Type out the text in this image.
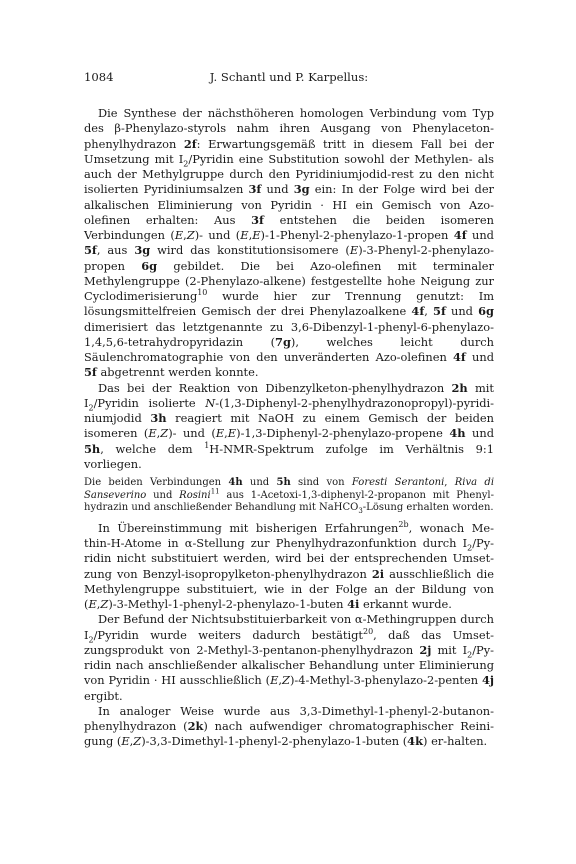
1084	J. Schantl und P. Karpellus:

Die Synthese der nächsthöheren homologen Verbindung vom Typ des β-Phenylazo-styrols nahm ihren Ausgang von Phenylaceton-phenylhydrazon 2f: Erwartungsgemäß tritt in diesem Fall bei der Umsetzung mit $I_2$/Pyridin eine Substitution sowohl der Methylen- als auch der Methylgruppe durch den Pyridiniumjodid-rest zu den nicht isolierten Pyridiniumsalzen 3f und 3g ein: In der Folge wird bei der alkalischen Eliminierung von Pyridin · HI ein Gemisch von Azo-olefinen erhalten: Aus 3f entstehen die beiden isomeren Verbindungen (E,Z)- und (E,E)-1-Phenyl-2-phenylazo-1-propen 4f und 5f, aus 3g wird das konstitutionsisomere (E)-3-Phenyl-2-phenylazo-propen 6g gebildet. Die bei Azo-olefinen mit terminaler Methylengruppe (2-Phenylazo-alkene) festgestellte hohe Neigung zur Cyclodimerisierung$^{10}$ wurde hier zur Trennung genutzt: Im lösungsmittelfreien Gemisch der drei Phenylazoalkene 4f, 5f und 6g dimerisiert das letztgenannte zu 3,6-Dibenzyl-1-phenyl-6-phenylazo-1,4,5,6-tetrahydropyridazin (7g), welches leicht durch Säulenchromatographie von den unveränderten Azo-olefinen 4f und 5f abgetrennt werden konnte.

Das bei der Reaktion von Dibenzylketon-phenylhydrazon 2h mit $I_2$/Pyridin isolierte N-(1,3-Diphenyl-2-phenylhydrazonopropyl)-pyridi-niumjodid 3h reagiert mit NaOH zu einem Gemisch der beiden isomeren (E,Z)- und (E,E)-1,3-Diphenyl-2-phenylazo-propene 4h und 5h, welche dem $^1$H-NMR-Spektrum zufolge im Verhältnis 9:1 vorliegen.

Die beiden Verbindungen 4h und 5h sind von Foresti Serantoni, Riva di Sanseverino und Rosini$^{11}$ aus 1-Acetoxi-1,3-diphenyl-2-propanon mit Phenyl-hydrazin und anschließender Behandlung mit NaHCO$_3$-Lösung erhalten worden.

In Übereinstimmung mit bisherigen Erfahrungen$^{2b}$, wonach Me-thin-H-Atome in α-Stellung zur Phenylhydrazonfunktion durch $I_2/Py$-ridin nicht substituiert werden, wird bei der entsprechenden Umset-zung von Benzyl-isopropylketon-phenylhydrazon 2i ausschließlich die Methylengruppe substituiert, wie in der Folge an der Bildung von (E,Z)-3-Methyl-1-phenyl-2-phenylazo-1-buten 4i erkannt wurde.

Der Befund der Nichtsubstituierbarkeit von α-Methingruppen durch $I_2$/Pyridin wurde weiters dadurch bestätigt$^{20}$, daß das Umset-zungsprodukt von 2-Methyl-3-pentanon-phenylhydrazon 2j mit $I_2/Py$-ridin nach anschließender alkalischer Behandlung unter Eliminierung von Pyridin · HI ausschließlich (E,Z)-4-Methyl-3-phenylazo-2-penten 4j ergibt.

In analoger Weise wurde aus 3,3-Dimethyl-1-phenyl-2-butanon-phenylhydrazon (2k) nach aufwendiger chromatographischer Reini-gung (E,Z)-3,3-Dimethyl-1-phenyl-2-phenylazo-1-buten (4k) er-halten.
